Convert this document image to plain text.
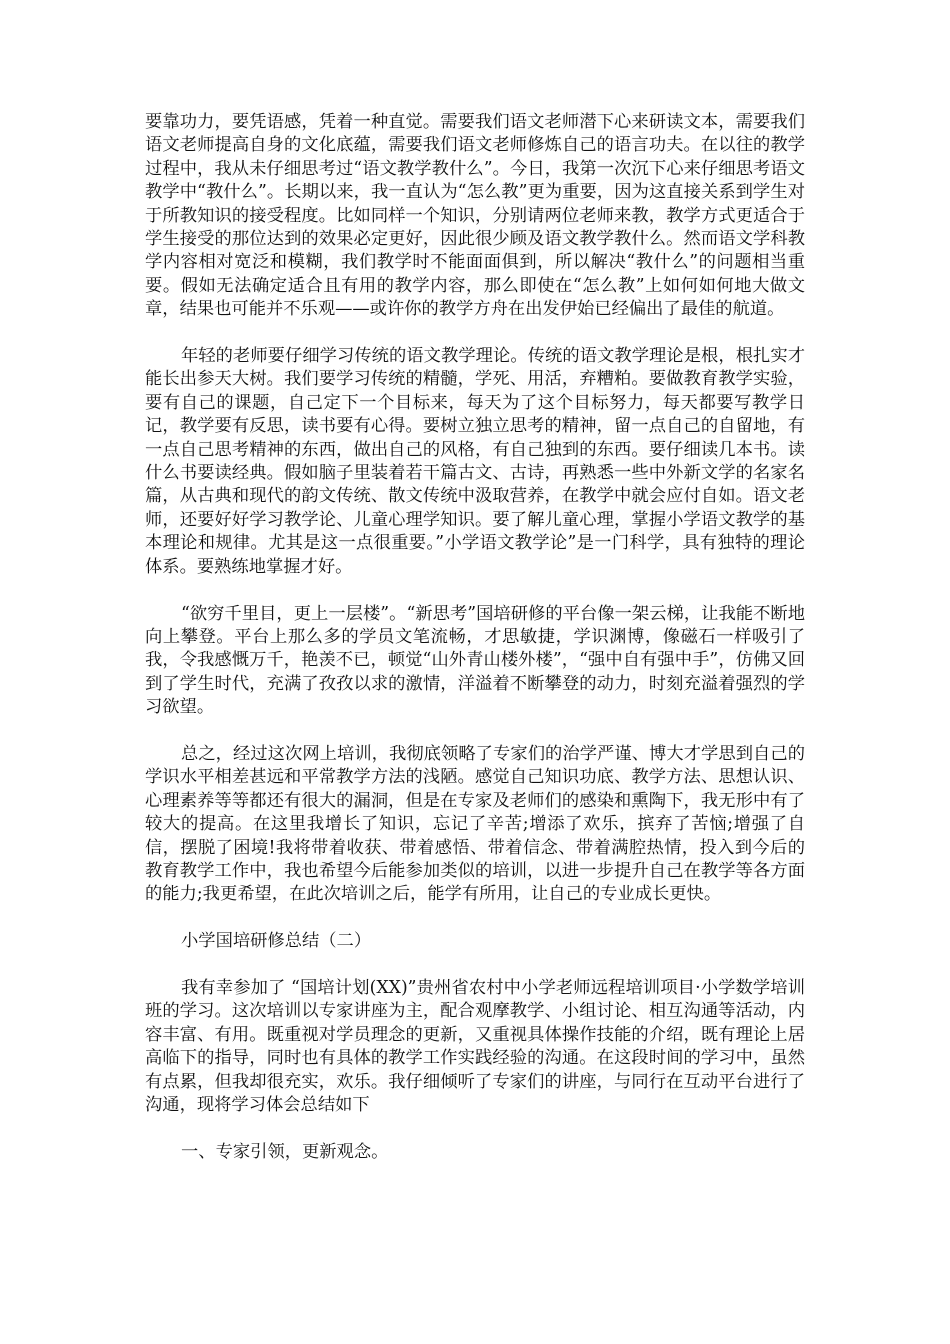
要靠功力，要凭语感，凭着一种直觉。需要我们语文老师潜下心来研读文本，需要我们语文老师提高自身的文化底蕴，需要我们语文老师修炼自己的语言功夫。在以往的教学过程中，我从未仔细思考过“语文教学教什么”。今日，我第一次沉下心来仔细思考语文教学中“教什么”。长期以来，我一直认为“怎么教”更为重要，因为这直接关系到学生对于所教知识的接受程度。比如同样一个知识，分别请两位老师来教，教学方式更适合于学生接受的那位达到的效果必定更好，因此很少顾及语文教学教什么。然而语文学科教学内容相对宽泛和模糊，我们教学时不能面面俱到，所以解决“教什么”的问题相当重要。假如无法确定适合且有用的教学内容，那么即使在“怎么教”上如何如何地大做文章，结果也可能并不乐观——或许你的教学方舟在出发伊始已经偏出了最佳的航道。

年轻的老师要仔细学习传统的语文教学理论。传统的语文教学理论是根，根扎实才能长出参天大树。我们要学习传统的精髓，学死、用活，弃糟粕。要做教育教学实验，要有自己的课题，自己定下一个目标来，每天为了这个目标努力，每天都要写教学日记，教学要有反思，读书要有心得。要树立独立思考的精神，留一点自己的自留地，有一点自己思考精神的东西，做出自己的风格，有自己独到的东西。要仔细读几本书。读什么书要读经典。假如脑子里装着若干篇古文、古诗，再熟悉一些中外新文学的名家名篇，从古典和现代的韵文传统、散文传统中汲取营养，在教学中就会应付自如。语文老师，还要好好学习教学论、儿童心理学知识。要了解儿童心理，掌握小学语文教学的基本理论和规律。尤其是这一点很重要。”小学语文教学论”是一门科学，具有独特的理论体系。要熟练地掌握才好。

“欲穷千里目，更上一层楼”。“新思考”国培研修的平台像一架云梯，让我能不断地向上攀登。平台上那么多的学员文笔流畅，才思敏捷，学识渊博，像磁石一样吸引了我，令我感慨万千，艳羡不已，顿觉“山外青山楼外楼”，“强中自有强中手”，仿佛又回到了学生时代，充满了孜孜以求的激情，洋溢着不断攀登的动力，时刻充溢着强烈的学习欲望。

总之，经过这次网上培训，我彻底领略了专家们的治学严谨、博大才学思到自己的学识水平相差甚远和平常教学方法的浅陋。感觉自己知识功底、教学方法、思想认识、心理素养等等都还有很大的漏洞，但是在专家及老师们的感染和熏陶下，我无形中有了较大的提高。在这里我增长了知识，忘记了辛苦;增添了欢乐，摈弃了苦恼;增强了自信，摆脱了困境!我将带着收获、带着感悟、带着信念、带着满腔热情，投入到今后的教育教学工作中，我也希望今后能参加类似的培训，以进一步提升自己在教学等各方面的能力;我更希望，在此次培训之后，能学有所用，让自己的专业成长更快。

小学国培研修总结（二）

我有幸参加了 “国培计划(XX)”贵州省农村中小学老师远程培训项目·小学数学培训班的学习。这次培训以专家讲座为主，配合观摩教学、小组讨论、相互沟通等活动，内容丰富、有用。既重视对学员理念的更新，又重视具体操作技能的介绍，既有理论上居高临下的指导，同时也有具体的教学工作实践经验的沟通。在这段时间的学习中，虽然有点累，但我却很充实，欢乐。我仔细倾听了专家们的讲座，与同行在互动平台进行了沟通，现将学习体会总结如下

一、专家引领，更新观念。
